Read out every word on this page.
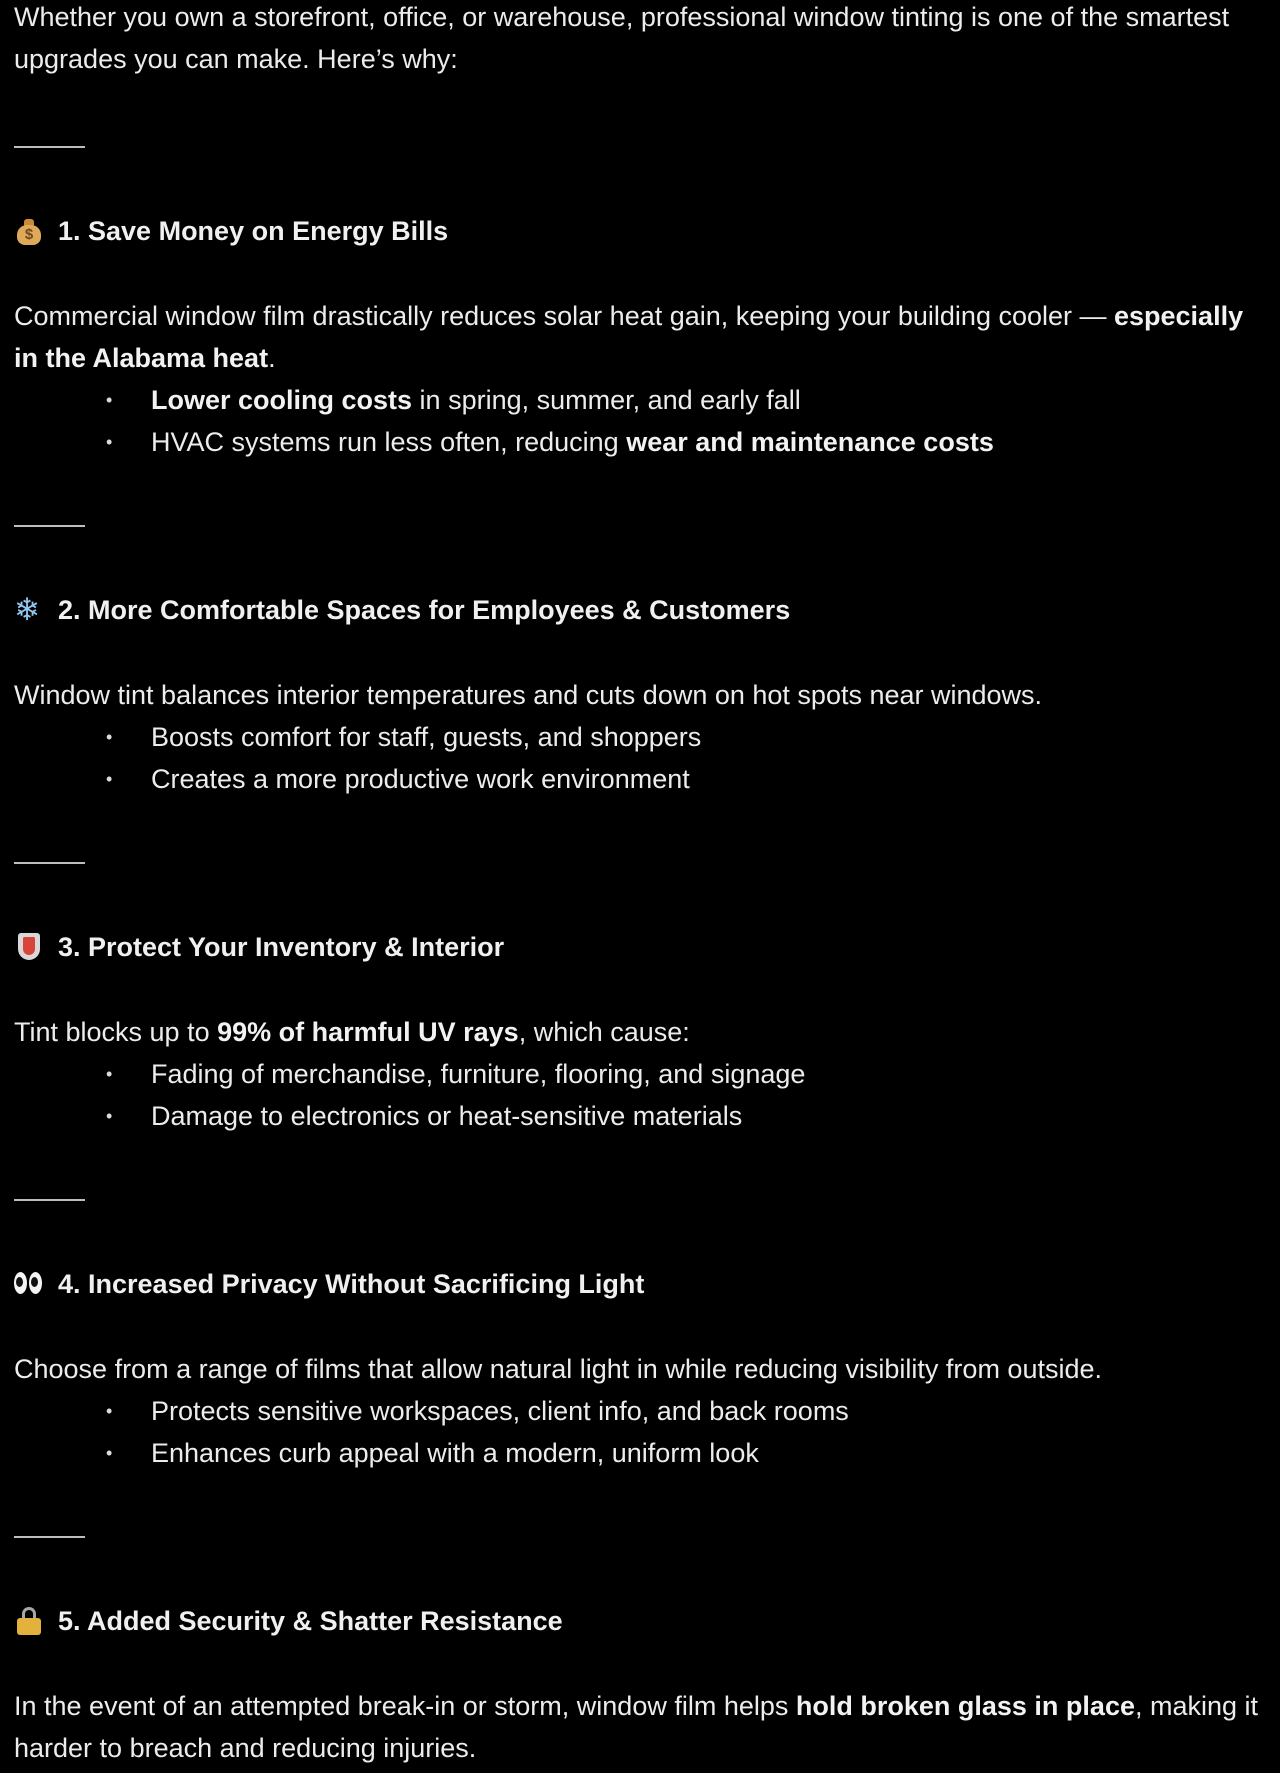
Whether you own a storefront, office, or warehouse, professional window tinting is one of the smartest upgrades you can make. Here’s why:

$ 1. Save Money on Energy Bills

Commercial window film drastically reduces solar heat gain, keeping your building cooler — especially in the Alabama heat.

• Lower cooling costs in spring, summer, and early fall
• HVAC systems run less often, reducing wear and maintenance costs
❄ 2. More Comfortable Spaces for Employees & Customers

Window tint balances interior temperatures and cuts down on hot spots near windows.

• Boosts comfort for staff, guests, and shoppers
• Creates a more productive work environment
3. Protect Your Inventory & Interior

Tint blocks up to 99% of harmful UV rays, which cause:

• Fading of merchandise, furniture, flooring, and signage
• Damage to electronics or heat-sensitive materials
4. Increased Privacy Without Sacrificing Light

Choose from a range of films that allow natural light in while reducing visibility from outside.

• Protects sensitive workspaces, client info, and back rooms
• Enhances curb appeal with a modern, uniform look
5. Added Security & Shatter Resistance

In the event of an attempted break-in or storm, window film helps hold broken glass in place, making it harder to breach and reducing injuries.
